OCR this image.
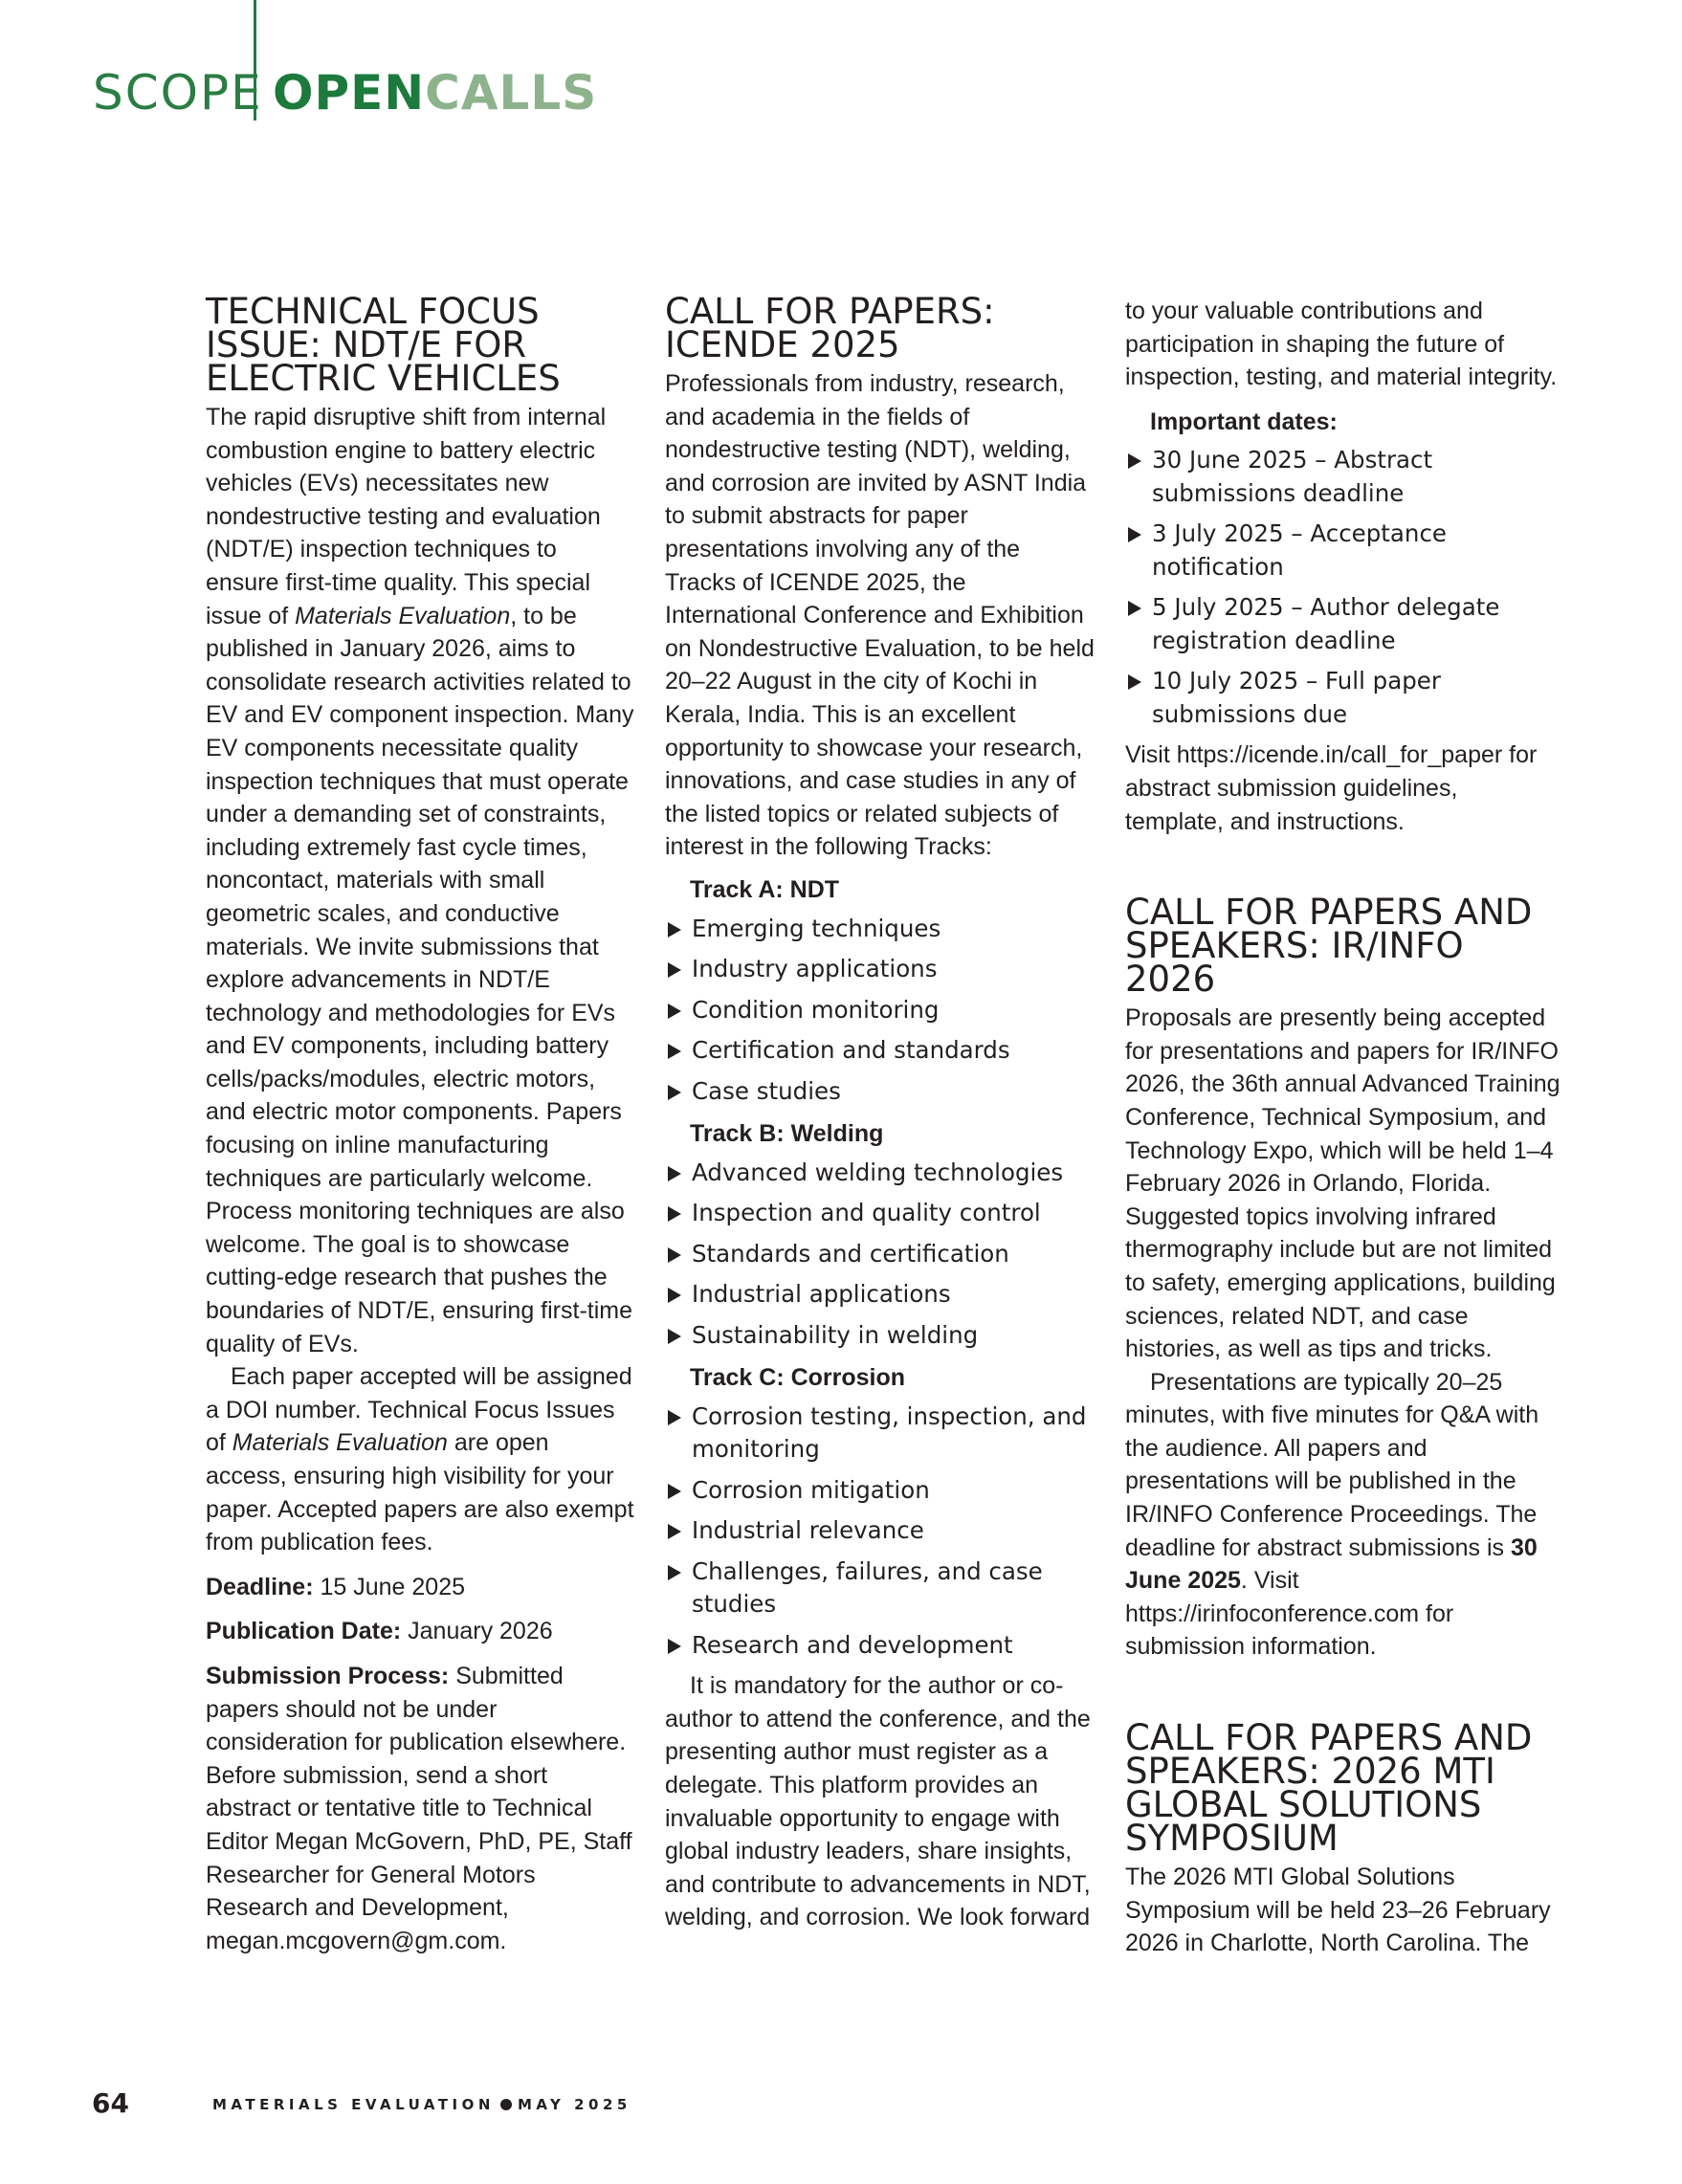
SCOPE OPENCALLS
TECHNICAL FOCUS ISSUE: NDT/E FOR ELECTRIC VEHICLES

The rapid disruptive shift from internal combustion engine to battery electric vehicles (EVs) necessitates new nondestructive testing and evaluation (NDT/E) inspection techniques to ensure first-time quality. This special issue of Materials Evaluation, to be published in January 2026, aims to consolidate research activities related to EV and EV component inspection. Many EV components necessitate quality inspection techniques that must operate under a demanding set of constraints, including extremely fast cycle times, noncontact, materials with small geometric scales, and conductive materials. We invite submissions that explore advancements in NDT/E technology and methodologies for EVs and EV components, including battery cells/packs/modules, electric motors, and electric motor components. Papers focusing on inline manufacturing techniques are particularly welcome. Process monitoring techniques are also welcome. The goal is to showcase cutting-edge research that pushes the boundaries of NDT/E, ensuring first-time quality of EVs.

Each paper accepted will be assigned a DOI number. Technical Focus Issues of Materials Evaluation are open access, ensuring high visibility for your paper. Accepted papers are also exempt from publication fees.

Deadline: 15 June 2025

Publication Date: January 2026

Submission Process: Submitted papers should not be under consideration for publication elsewhere. Before submission, send a short abstract or tentative title to Technical Editor Megan McGovern, PhD, PE, Staff Researcher for General Motors Research and Development, megan.mcgovern@gm.com.

CALL FOR PAPERS: ICENDE 2025

Professionals from industry, research, and academia in the fields of nondestructive testing (NDT), welding, and corrosion are invited by ASNT India to submit abstracts for paper presentations involving any of the Tracks of ICENDE 2025, the International Conference and Exhibition on Nondestructive Evaluation, to be held 20–22 August in the city of Kochi in Kerala, India. This is an excellent opportunity to showcase your research, innovations, and case studies in any of the listed topics or related subjects of interest in the following Tracks:

Track A: NDT
Emerging techniques
Industry applications
Condition monitoring
Certification and standards
Case studies
Track B: Welding
Advanced welding technologies
Inspection and quality control
Standards and certification
Industrial applications
Sustainability in welding
Track C: Corrosion
Corrosion testing, inspection, and monitoring
Corrosion mitigation
Industrial relevance
Challenges, failures, and case studies
Research and development

It is mandatory for the author or co-author to attend the conference, and the presenting author must register as a delegate. This platform provides an invaluable opportunity to engage with global industry leaders, share insights, and contribute to advancements in NDT, welding, and corrosion. We look forward

to your valuable contributions and participation in shaping the future of inspection, testing, and material integrity.

Important dates:
30 June 2025 – Abstract submissions deadline
3 July 2025 – Acceptance notification
5 July 2025 – Author delegate registration deadline
10 July 2025 – Full paper submissions due

Visit https://icende.in/call_for_paper for abstract submission guidelines, template, and instructions.

CALL FOR PAPERS AND SPEAKERS: IR/INFO 2026

Proposals are presently being accepted for presentations and papers for IR/INFO 2026, the 36th annual Advanced Training Conference, Technical Symposium, and Technology Expo, which will be held 1–4 February 2026 in Orlando, Florida. Suggested topics involving infrared thermography include but are not limited to safety, emerging applications, building sciences, related NDT, and case histories, as well as tips and tricks.

Presentations are typically 20–25 minutes, with five minutes for Q&A with the audience. All papers and presentations will be published in the IR/INFO Conference Proceedings. The deadline for abstract submissions is 30 June 2025. Visit https://irinfoconference.com for submission information.

CALL FOR PAPERS AND SPEAKERS: 2026 MTI GLOBAL SOLUTIONS SYMPOSIUM

The 2026 MTI Global Solutions Symposium will be held 23–26 February 2026 in Charlotte, North Carolina. The

64	MATERIALS EVALUATION MAY 2025
